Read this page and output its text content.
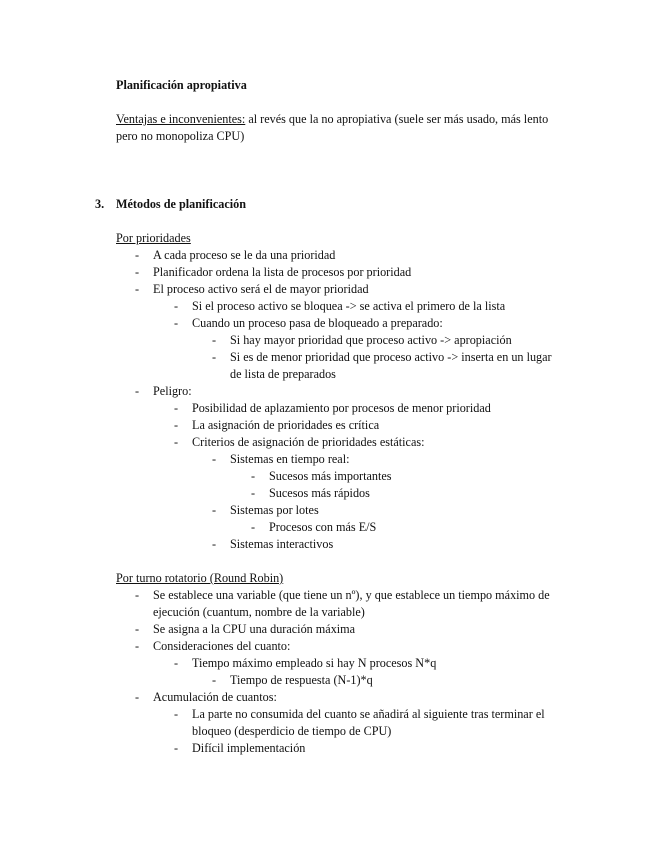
Planificación apropiativa
Ventajas e inconvenientes: al revés que la no apropiativa (suele ser más usado, más lento
pero no monopoliza CPU)
3. Métodos de planificación
Por prioridades
- A cada proceso se le da una prioridad
- Planificador ordena la lista de procesos por prioridad
- El proceso activo será el de mayor prioridad
- Si el proceso activo se bloquea -> se activa el primero de la lista
- Cuando un proceso pasa de bloqueado a preparado:
- Si hay mayor prioridad que proceso activo -> apropiación
- Si es de menor prioridad que proceso activo -> inserta en un lugar
de lista de preparados
- Peligro:
- Posibilidad de aplazamiento por procesos de menor prioridad
- La asignación de prioridades es crítica
- Criterios de asignación de prioridades estáticas:
- Sistemas en tiempo real:
- Sucesos más importantes
- Sucesos más rápidos
- Sistemas por lotes
- Procesos con más E/S
- Sistemas interactivos
Por turno rotatorio (Round Robin)
- Se establece una variable (que tiene un nº), y que establece un tiempo máximo de
ejecución (cuantum, nombre de la variable)
- Se asigna a la CPU una duración máxima
- Consideraciones del cuanto:
- Tiempo máximo empleado si hay N procesos N*q
- Tiempo de respuesta (N-1)*q
- Acumulación de cuantos:
- La parte no consumida del cuanto se añadirá al siguiente tras terminar el
bloqueo (desperdicio de tiempo de CPU)
- Difícil implementación
